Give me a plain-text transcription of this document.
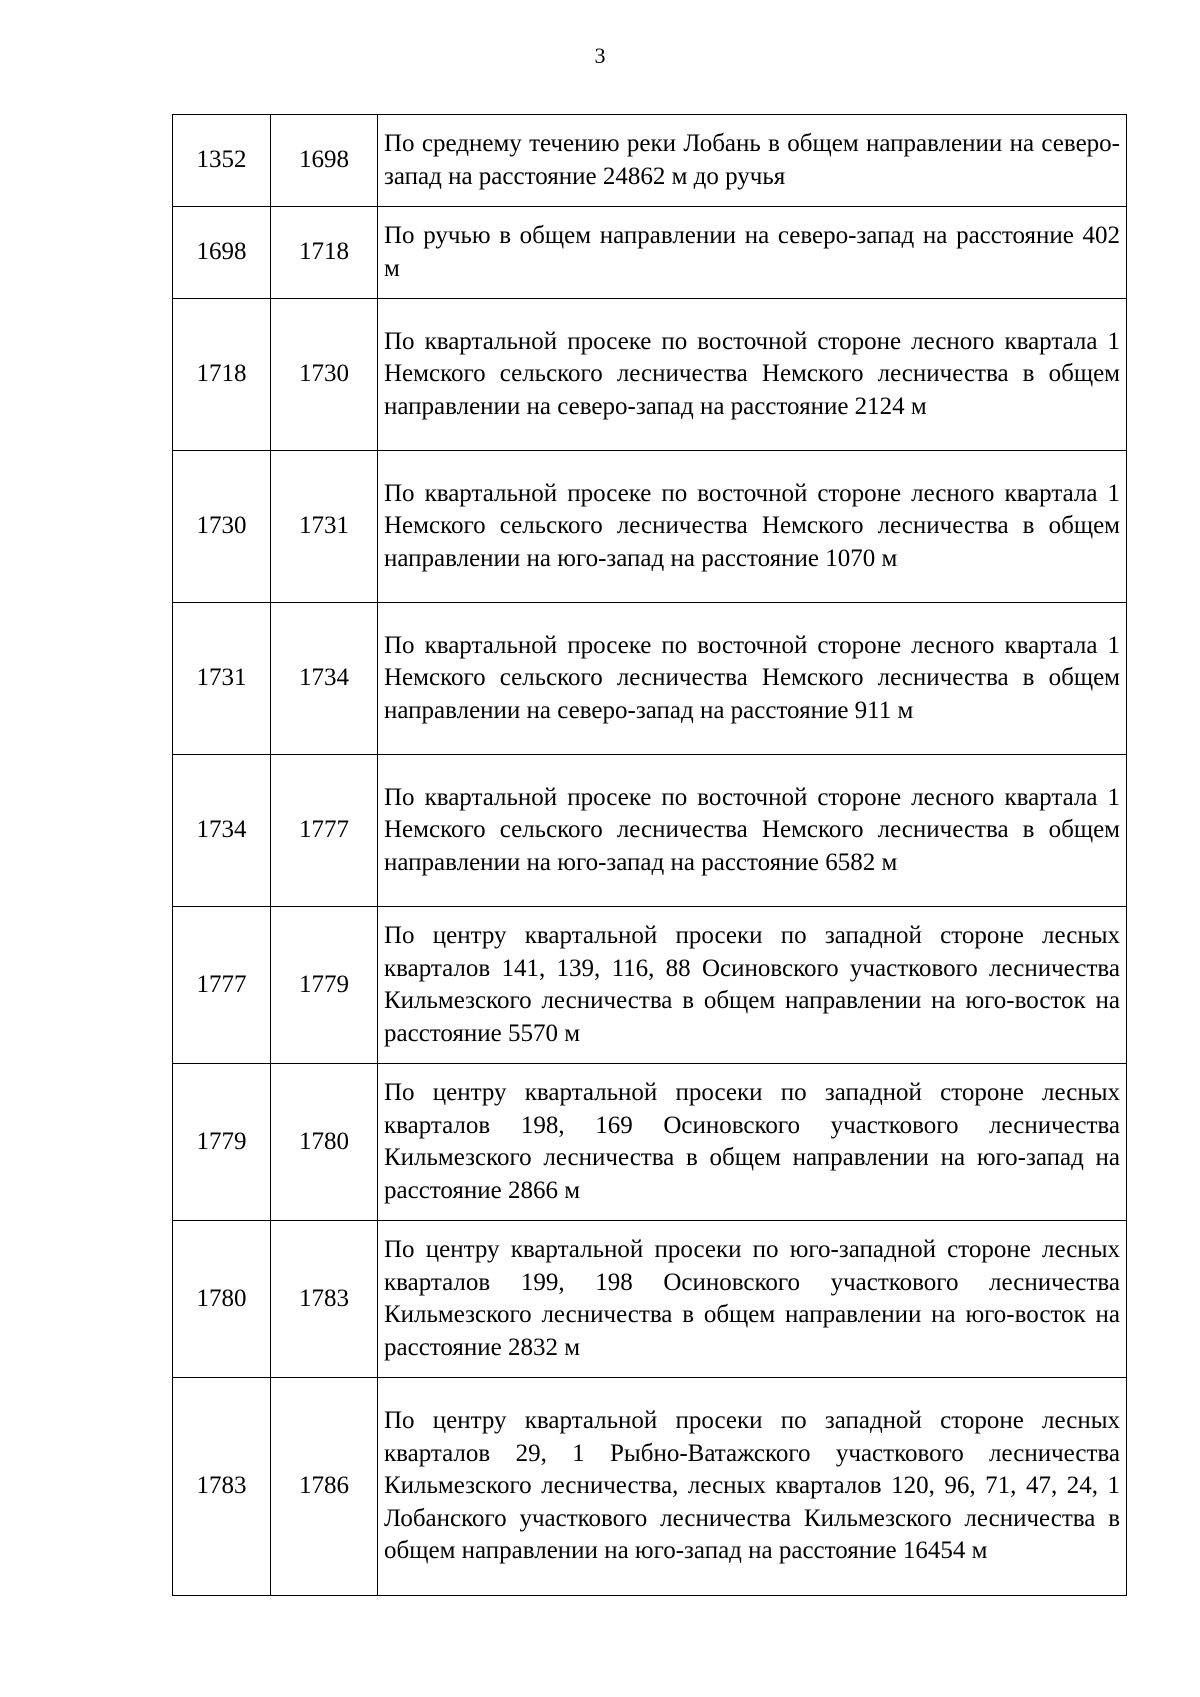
3
1352	1698	По среднему течению реки Лобань в общем направлении на северо-запад на расстояние 24862 м до ручья
1698	1718	По ручью в общем направлении на северо-запад на расстояние 402 м
1718	1730	По квартальной просеке по восточной стороне лесного квартала 1 Немского сельского лесничества Немского лесничества в общем направлении на северо-запад на расстояние 2124 м
1730	1731	По квартальной просеке по восточной стороне лесного квартала 1 Немского сельского лесничества Немского лесничества в общем направлении на юго-запад на расстояние 1070 м
1731	1734	По квартальной просеке по восточной стороне лесного квартала 1 Немского сельского лесничества Немского лесничества в общем направлении на северо-запад на расстояние 911 м
1734	1777	По квартальной просеке по восточной стороне лесного квартала 1 Немского сельского лесничества Немского лесничества в общем направлении на юго-запад на расстояние 6582 м
1777	1779	По центру квартальной просеки по западной стороне лесных кварталов 141, 139, 116, 88 Осиновского участкового лесничества Кильмезского лесничества в общем направлении на юго-восток на расстояние 5570 м
1779	1780	По центру квартальной просеки по западной стороне лесных кварталов 198, 169 Осиновского участкового лесничества Кильмезского лесничества в общем направлении на юго-запад на расстояние 2866 м
1780	1783	По центру квартальной просеки по юго-западной стороне лесных кварталов 199, 198 Осиновского участкового лесничества Кильмезского лесничества в общем направлении на юго-восток на расстояние 2832 м
1783	1786	По центру квартальной просеки по западной стороне лесных кварталов 29, 1 Рыбно-Ватажского участкового лесничества Кильмезского лесничества, лесных кварталов 120, 96, 71, 47, 24, 1 Лобанского участкового лесничества Кильмезского лесничества в общем направлении на юго-запад на расстояние 16454 м
